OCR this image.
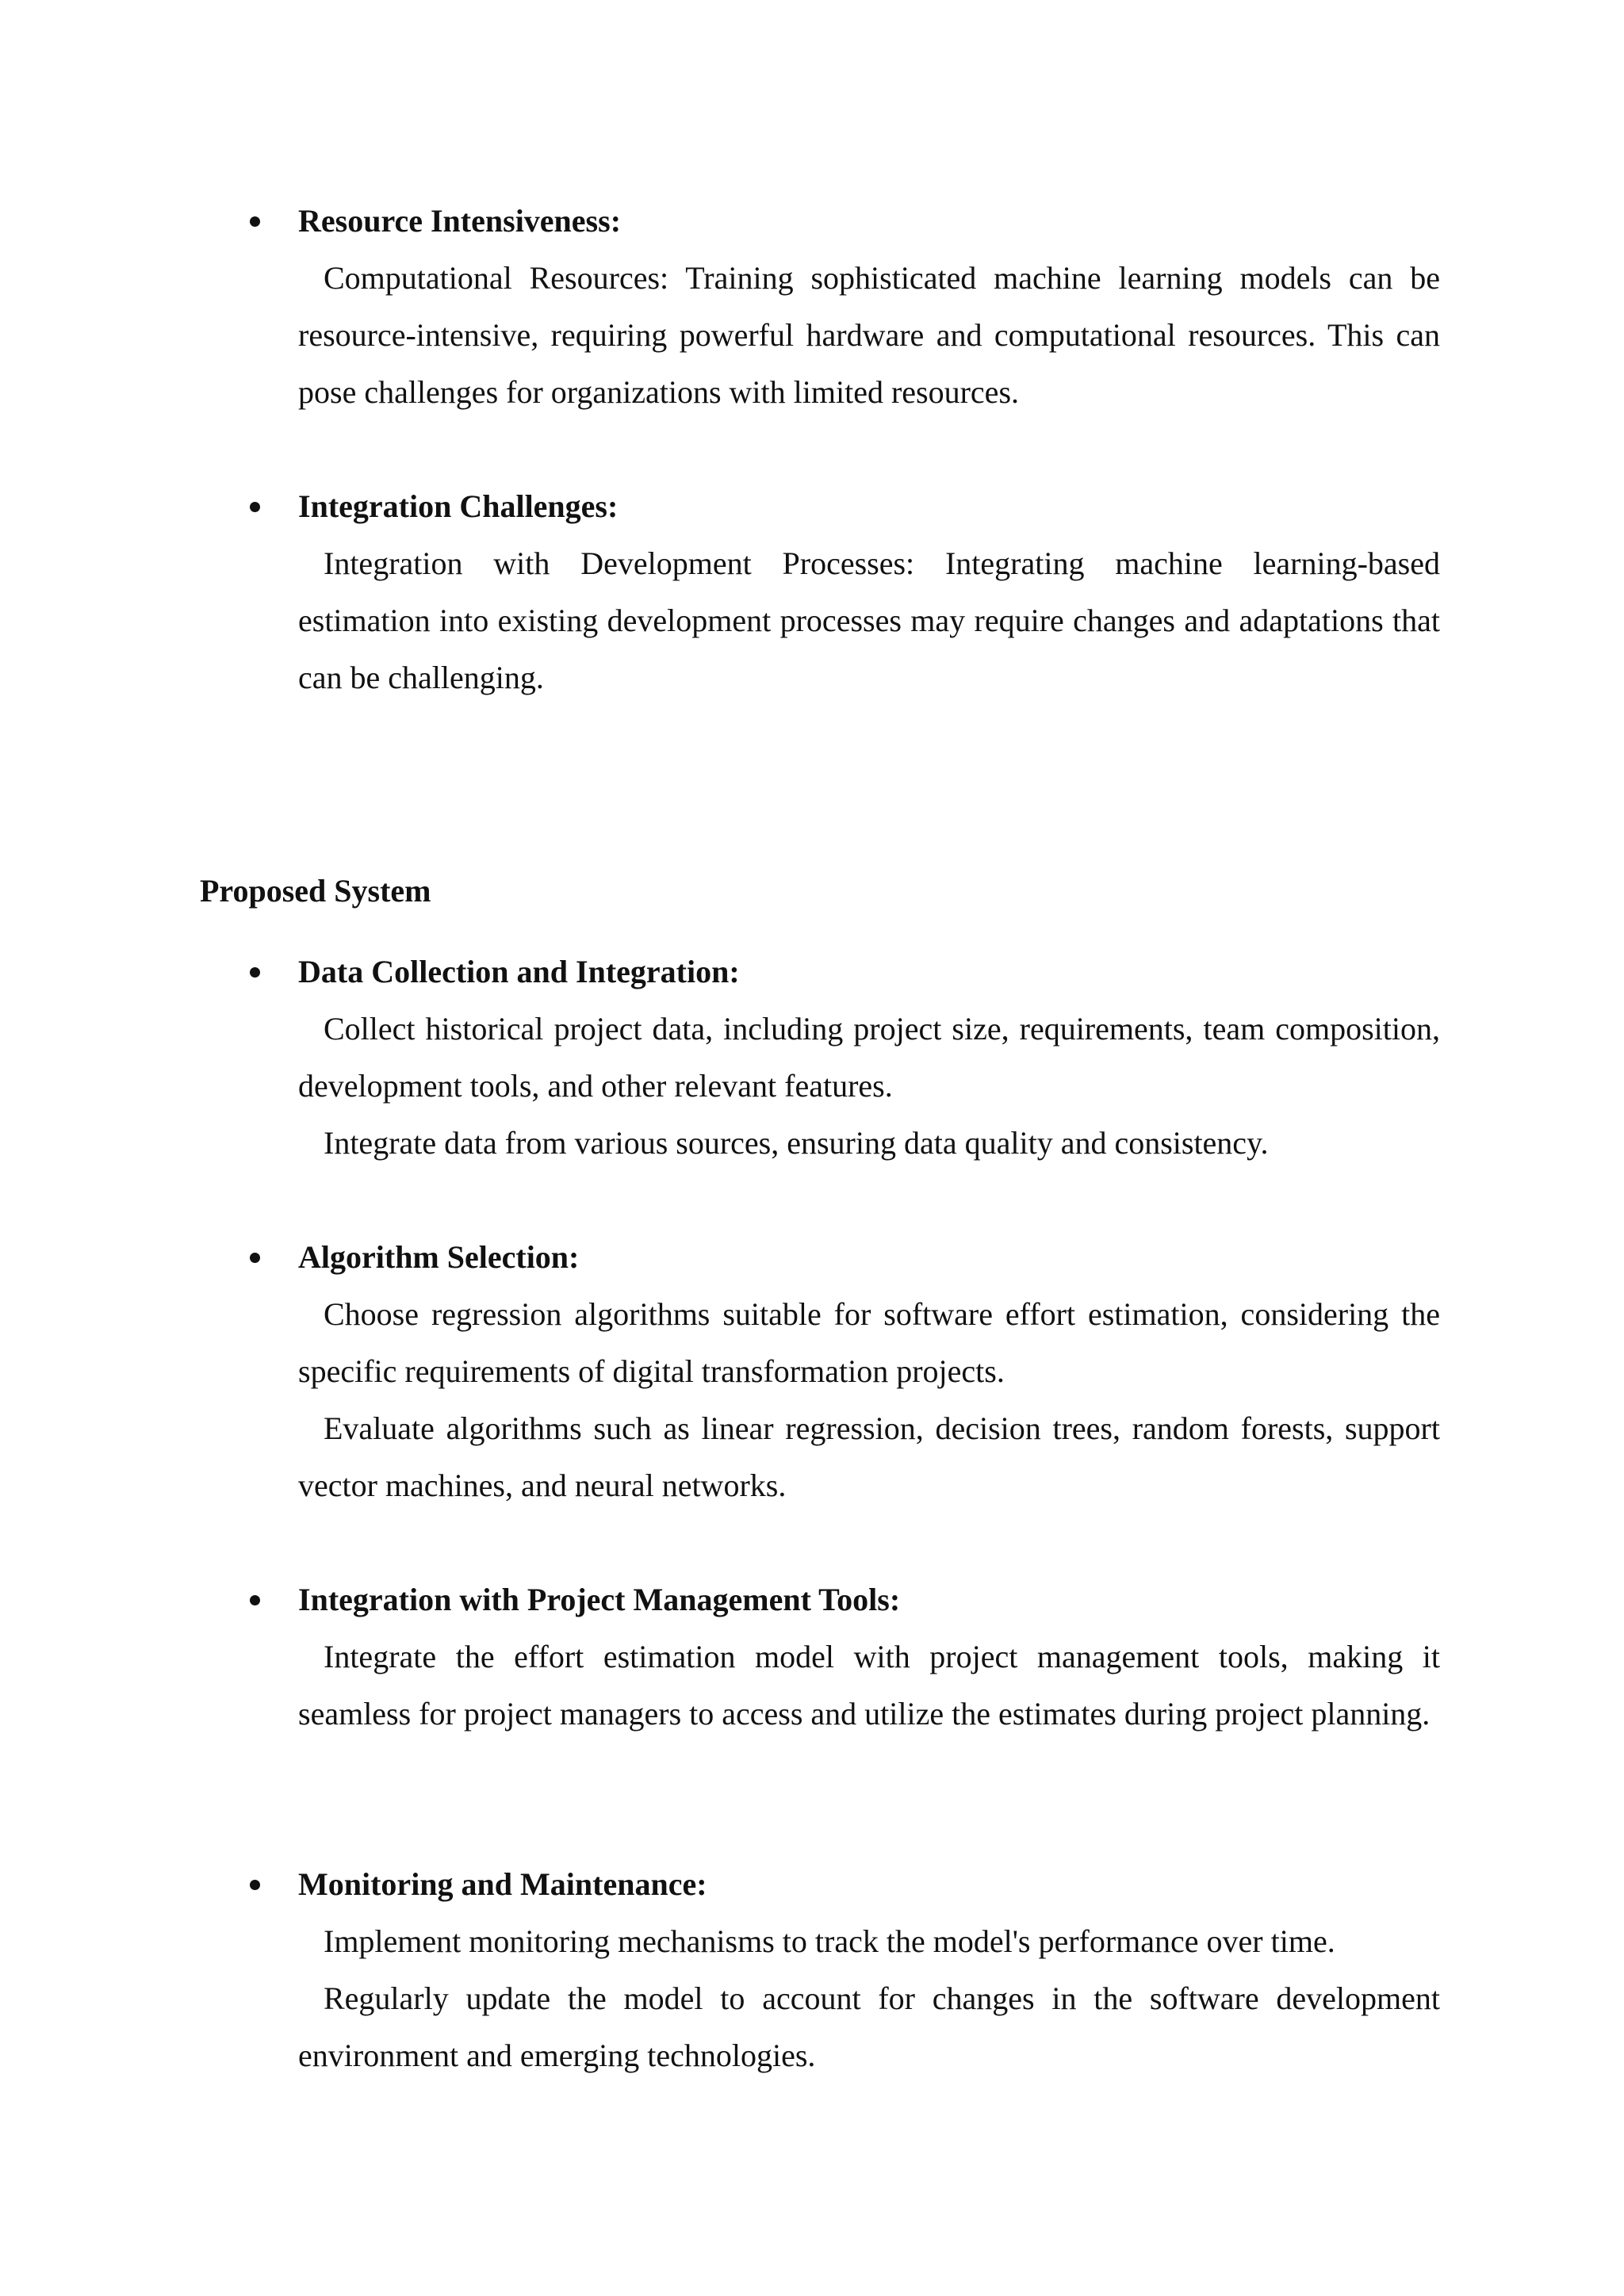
Resource Intensiveness:

Computational Resources: Training sophisticated machine learning models can be resource-intensive, requiring powerful hardware and computational resources. This can pose challenges for organizations with limited resources.

Integration Challenges:

Integration with Development Processes: Integrating machine learning-based estimation into existing development processes may require changes and adaptations that can be challenging.

Proposed System
Data Collection and Integration:

Collect historical project data, including project size, requirements, team composition, development tools, and other relevant features.

Integrate data from various sources, ensuring data quality and consistency.

Algorithm Selection:

Choose regression algorithms suitable for software effort estimation, considering the specific requirements of digital transformation projects.

Evaluate algorithms such as linear regression, decision trees, random forests, support vector machines, and neural networks.

Integration with Project Management Tools:

Integrate the effort estimation model with project management tools, making it seamless for project managers to access and utilize the estimates during project planning.

Monitoring and Maintenance:

Implement monitoring mechanisms to track the model's performance over time.

Regularly update the model to account for changes in the software development environment and emerging technologies.
